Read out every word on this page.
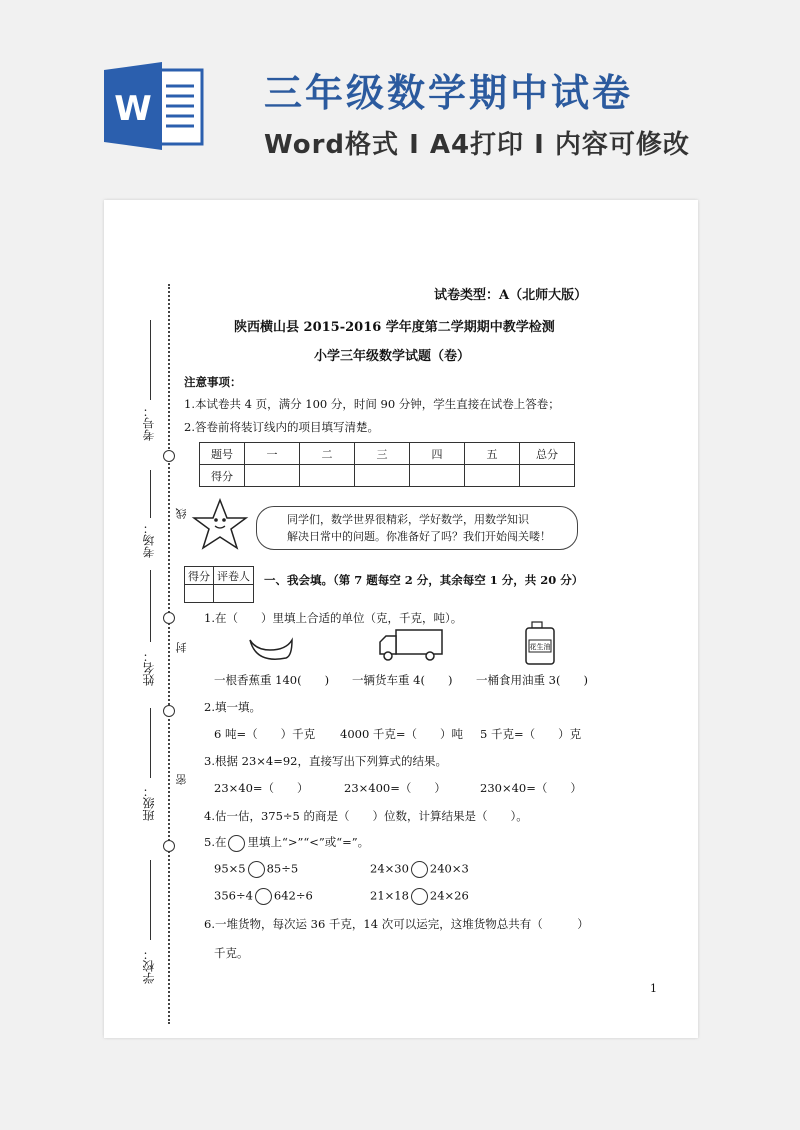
W	三年级数学期中试卷
Word格式 I A4打印 I 内容可修改
考号：
考场：
姓名：
班级：
学校：
线
封
密
试卷类型：A（北师大版）
陕西横山县 2015-2016 学年度第二学期期中教学检测
小学三年级数学试题（卷）
注意事项：
1.本试卷共 4 页，满分 100 分，时间 90 分钟，学生直接在试卷上答卷；
2.答卷前将装订线内的项目填写清楚。
题号	一	二	三	四	五	总分
得分						
同学们，数学世界很精彩，学好数学，用数学知识
解决日常中的问题。你准备好了吗？我们开始闯关喽！
得分	评卷人
	一、我会填。（第 7 题每空 2 分，其余每空 1 分，共 20 分）
1.在（　　）里填上合适的单位（克，千克，吨）。
花生油
一根香蕉重 140(　　) 一辆货车重 4(　　) 一桶食用油重 3(　　)
2.填一填。
6 吨=（　　）千克 4000 千克=（　　）吨 5 千克=（　　）克
3.根据 23×4=92，直接写出下列算式的结果。
23×40=（　　）	23×400=（　　）	230×40=（　　）
4.估一估，375÷5 的商是（　　）位数，计算结果是（　　）。
5.在 里填上“>”“<”或“=”。
95×5 85÷5	24×30 240×3
356÷4 642÷6	21×18 24×26
6.一堆货物，每次运 36 千克，14 次可以运完，这堆货物总共有（　　　）
千克。
1
